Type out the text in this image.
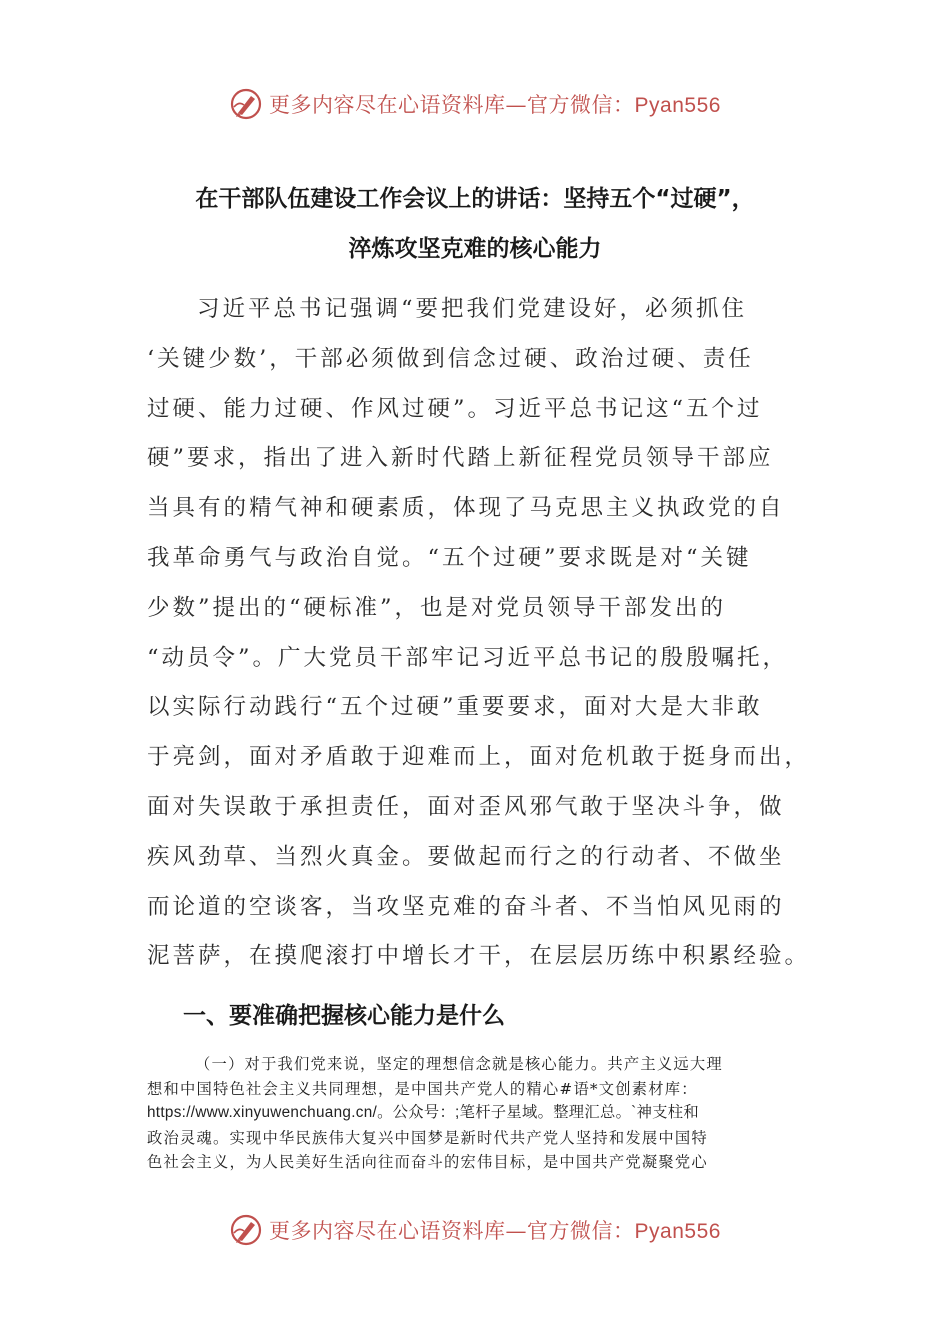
更多内容尽在心语资料库—官方微信：Pyan556
在干部队伍建设工作会议上的讲话：坚持五个“过硬”，
淬炼攻坚克难的核心能力
习近平总书记强调“要把我们党建设好，必须抓住
‘关键少数’，干部必须做到信念过硬、政治过硬、责任
过硬、能力过硬、作风过硬”。习近平总书记这“五个过
硬”要求，指出了进入新时代踏上新征程党员领导干部应
当具有的精气神和硬素质，体现了马克思主义执政党的自
我革命勇气与政治自觉。“五个过硬”要求既是对“关键
少数”提出的“硬标准”，也是对党员领导干部发出的
“动员令”。广大党员干部牢记习近平总书记的殷殷嘱托，
以实际行动践行“五个过硬”重要要求，面对大是大非敢
于亮剑，面对矛盾敢于迎难而上，面对危机敢于挺身而出，
面对失误敢于承担责任，面对歪风邪气敢于坚决斗争，做
疾风劲草、当烈火真金。要做起而行之的行动者、不做坐
而论道的空谈客，当攻坚克难的奋斗者、不当怕风见雨的
泥菩萨，在摸爬滚打中增长才干，在层层历练中积累经验。
一、要准确把握核心能力是什么
（一）对于我们党来说，坚定的理想信念就是核心能力。共产主义远大理
想和中国特色社会主义共同理想，是中国共产党人的精心#语*文创素材库：
https://www.xinyuwenchuang.cn/。公众号：;笔杆子星域。整理汇总。`神支柱和
政治灵魂。实现中华民族伟大复兴中国梦是新时代共产党人坚持和发展中国特
色社会主义，为人民美好生活向往而奋斗的宏伟目标，是中国共产党凝聚党心
更多内容尽在心语资料库—官方微信：Pyan556
